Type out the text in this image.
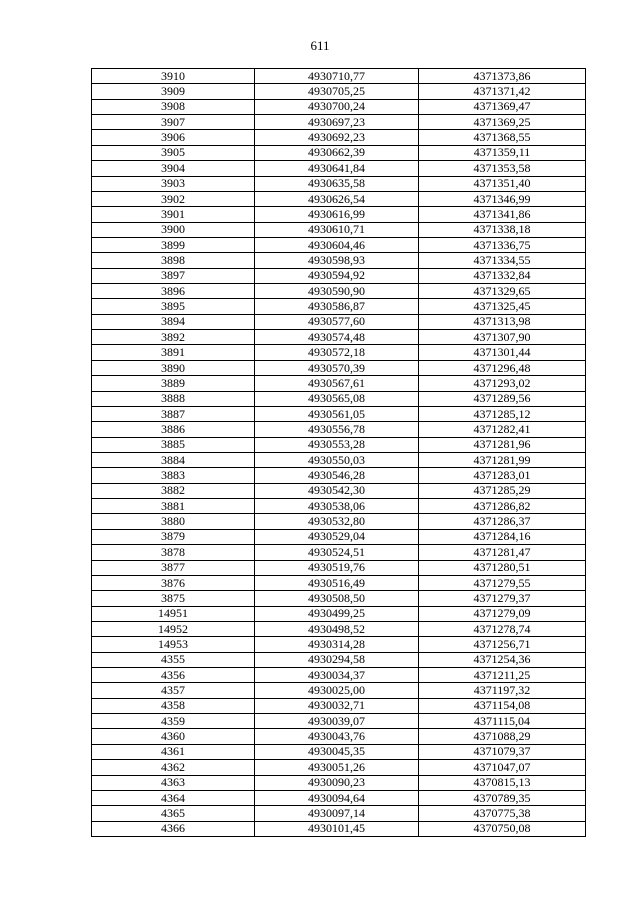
611
3910	4930710,77	4371373,86
3909	4930705,25	4371371,42
3908	4930700,24	4371369,47
3907	4930697,23	4371369,25
3906	4930692,23	4371368,55
3905	4930662,39	4371359,11
3904	4930641,84	4371353,58
3903	4930635,58	4371351,40
3902	4930626,54	4371346,99
3901	4930616,99	4371341,86
3900	4930610,71	4371338,18
3899	4930604,46	4371336,75
3898	4930598,93	4371334,55
3897	4930594,92	4371332,84
3896	4930590,90	4371329,65
3895	4930586,87	4371325,45
3894	4930577,60	4371313,98
3892	4930574,48	4371307,90
3891	4930572,18	4371301,44
3890	4930570,39	4371296,48
3889	4930567,61	4371293,02
3888	4930565,08	4371289,56
3887	4930561,05	4371285,12
3886	4930556,78	4371282,41
3885	4930553,28	4371281,96
3884	4930550,03	4371281,99
3883	4930546,28	4371283,01
3882	4930542,30	4371285,29
3881	4930538,06	4371286,82
3880	4930532,80	4371286,37
3879	4930529,04	4371284,16
3878	4930524,51	4371281,47
3877	4930519,76	4371280,51
3876	4930516,49	4371279,55
3875	4930508,50	4371279,37
14951	4930499,25	4371279,09
14952	4930498,52	4371278,74
14953	4930314,28	4371256,71
4355	4930294,58	4371254,36
4356	4930034,37	4371211,25
4357	4930025,00	4371197,32
4358	4930032,71	4371154,08
4359	4930039,07	4371115,04
4360	4930043,76	4371088,29
4361	4930045,35	4371079,37
4362	4930051,26	4371047,07
4363	4930090,23	4370815,13
4364	4930094,64	4370789,35
4365	4930097,14	4370775,38
4366	4930101,45	4370750,08
